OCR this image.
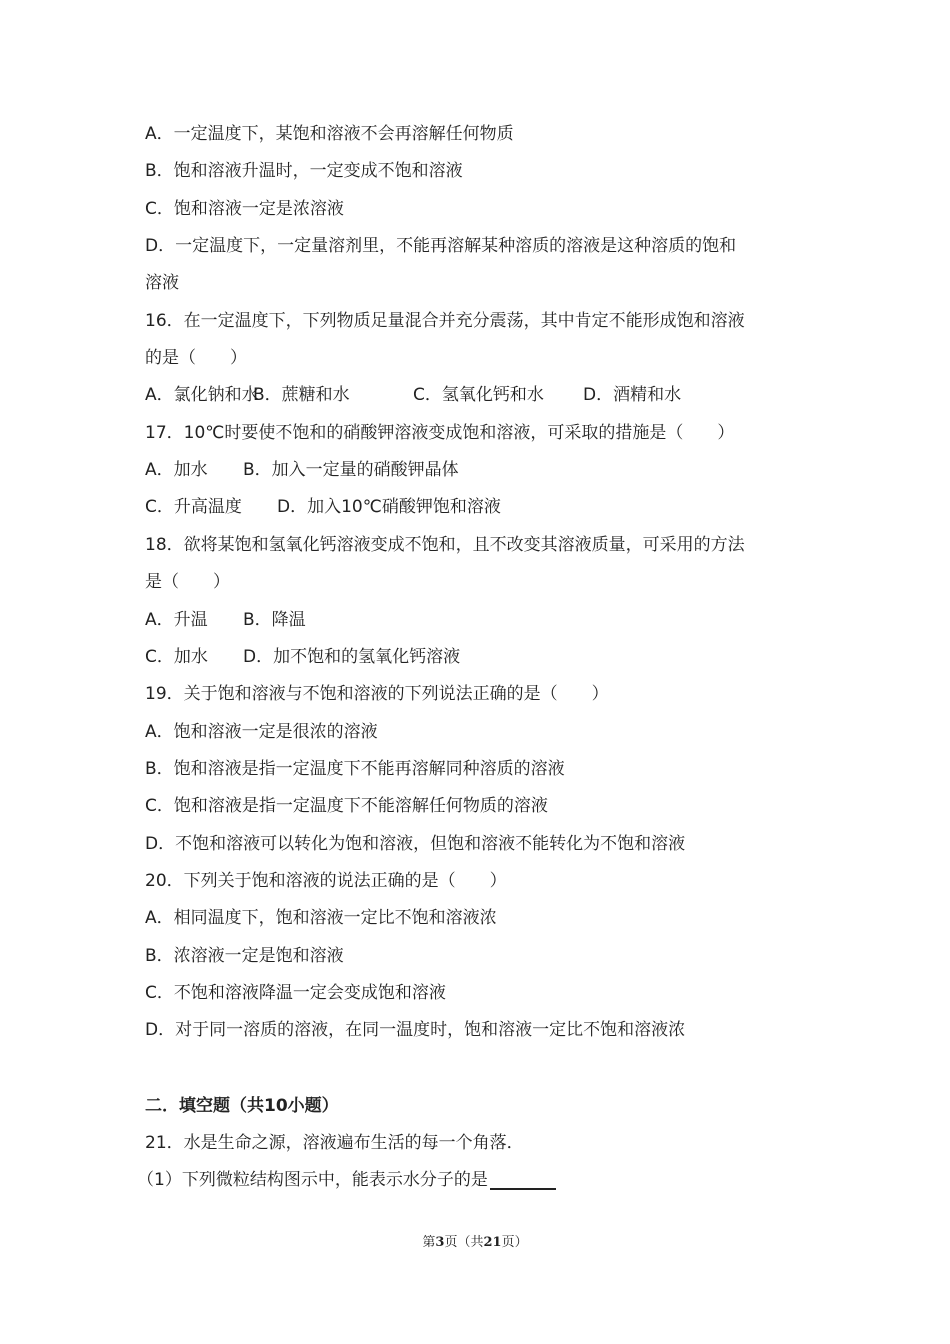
A．一定温度下，某饱和溶液不会再溶解任何物质
B．饱和溶液升温时，一定变成不饱和溶液
C．饱和溶液一定是浓溶液
D．一定温度下，一定量溶剂里，不能再溶解某种溶质的溶液是这种溶质的饱和
溶液
16．在一定温度下，下列物质足量混合并充分震荡，其中肯定不能形成饱和溶液
的是（　　）
A．氯化钠和水B．蔗糖和水	C．氢氧化钙和水 D．酒精和水
17．10℃时要使不饱和的硝酸钾溶液变成饱和溶液，可采取的措施是（　　）
A．加水 B．加入一定量的硝酸钾晶体
C．升高温度 D．加入10℃硝酸钾饱和溶液
18．欲将某饱和氢氧化钙溶液变成不饱和，且不改变其溶液质量，可采用的方法
是（　　）
A．升温 B．降温
C．加水 D．加不饱和的氢氧化钙溶液
19．关于饱和溶液与不饱和溶液的下列说法正确的是（　　）
A．饱和溶液一定是很浓的溶液
B．饱和溶液是指一定温度下不能再溶解同种溶质的溶液
C．饱和溶液是指一定温度下不能溶解任何物质的溶液
D．不饱和溶液可以转化为饱和溶液，但饱和溶液不能转化为不饱和溶液
20．下列关于饱和溶液的说法正确的是（　　）
A．相同温度下，饱和溶液一定比不饱和溶液浓
B．浓溶液一定是饱和溶液
C．不饱和溶液降温一定会变成饱和溶液
D．对于同一溶质的溶液，在同一温度时，饱和溶液一定比不饱和溶液浓
二．填空题（共10小题）
21．水是生命之源，溶液遍布生活的每一个角落．
（1）下列微粒结构图示中，能表示水分子的是
第3页（共21页）
